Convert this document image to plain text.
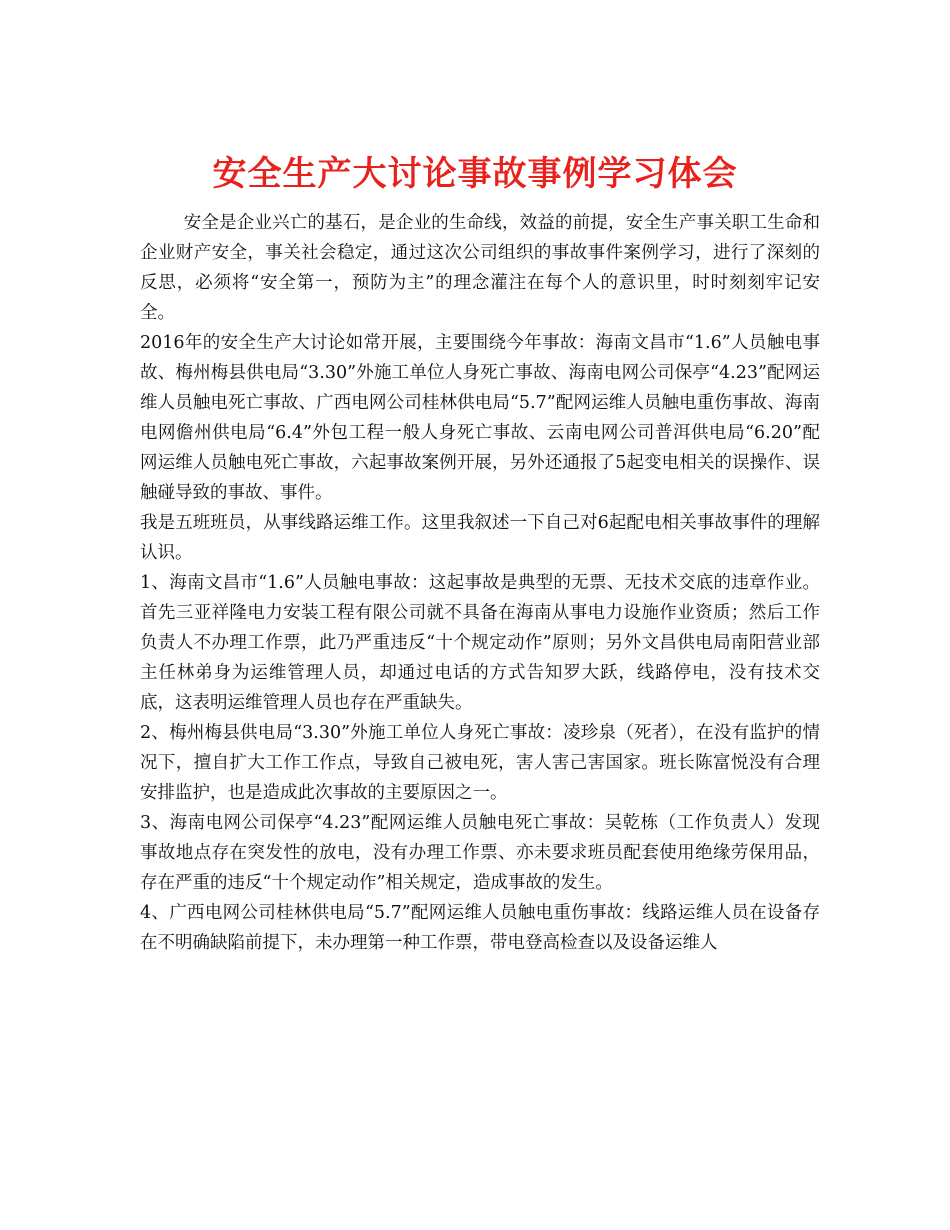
安全生产大讨论事故事例学习体会

安全是企业兴亡的基石，是企业的生命线，效益的前提，安全生产事关职工生命和企业财产安全，事关社会稳定，通过这次公司组织的事故事件案例学习，进行了深刻的反思，必须将“安全第一，预防为主”的理念灌注在每个人的意识里，时时刻刻牢记安全。

2016年的安全生产大讨论如常开展，主要围绕今年事故：海南文昌市“1.6”人员触电事故、梅州梅县供电局“3.30”外施工单位人身死亡事故、海南电网公司保亭“4.23”配网运维人员触电死亡事故、广西电网公司桂林供电局“5.7”配网运维人员触电重伤事故、海南电网儋州供电局“6.4”外包工程一般人身死亡事故、云南电网公司普洱供电局“6.20”配网运维人员触电死亡事故，六起事故案例开展，另外还通报了5起变电相关的误操作、误触碰导致的事故、事件。

我是五班班员，从事线路运维工作。这里我叙述一下自己对6起配电相关事故事件的理解认识。

1、海南文昌市“1.6”人员触电事故：这起事故是典型的无票、无技术交底的违章作业。首先三亚祥隆电力安装工程有限公司就不具备在海南从事电力设施作业资质；然后工作负责人不办理工作票，此乃严重违反“十个规定动作”原则；另外文昌供电局南阳营业部主任林弟身为运维管理人员，却通过电话的方式告知罗大跃，线路停电，没有技术交底，这表明运维管理人员也存在严重缺失。

2、梅州梅县供电局“3.30”外施工单位人身死亡事故：凌珍泉（死者），在没有监护的情况下，擅自扩大工作工作点，导致自己被电死，害人害己害国家。班长陈富悦没有合理安排监护，也是造成此次事故的主要原因之一。

3、海南电网公司保亭“4.23”配网运维人员触电死亡事故：吴乾栋（工作负责人）发现事故地点存在突发性的放电，没有办理工作票、亦未要求班员配套使用绝缘劳保用品，存在严重的违反“十个规定动作”相关规定，造成事故的发生。

4、广西电网公司桂林供电局“5.7”配网运维人员触电重伤事故：线路运维人员在设备存在不明确缺陷前提下，未办理第一种工作票，带电登高检查以及设备运维人
